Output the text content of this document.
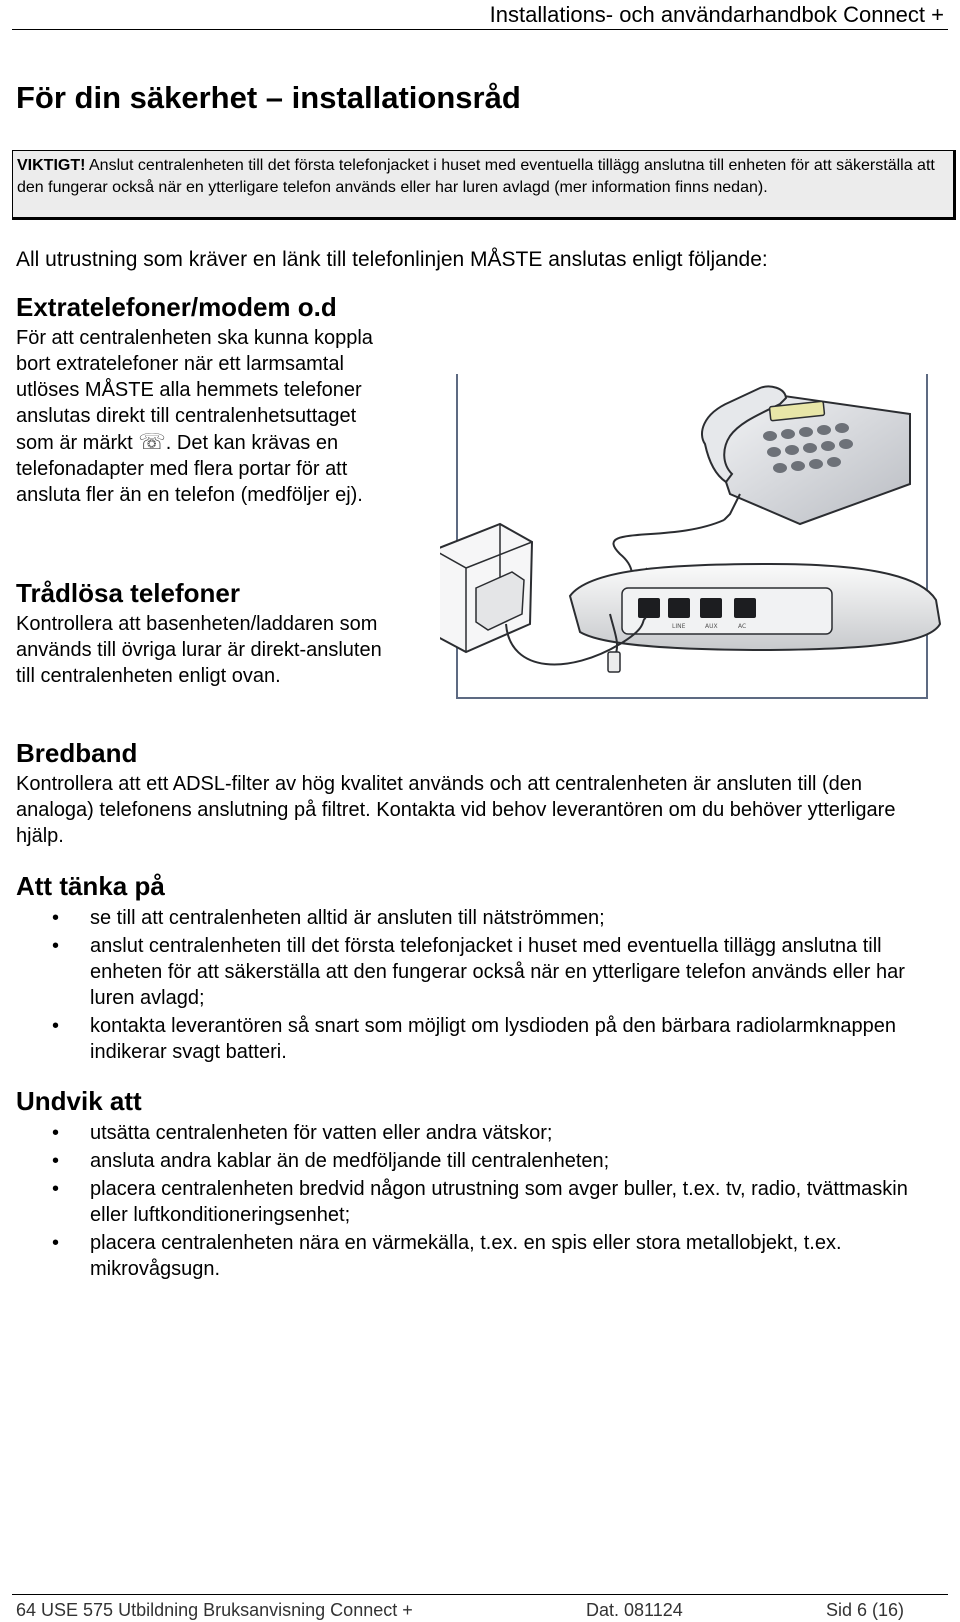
Installations- och användarhandbok Connect +
För din säkerhet – installationsråd
VIKTIGT! Anslut centralenheten till det första telefonjacket i huset med eventuella tillägg anslutna till enheten för att säkerställa att den fungerar också när en ytterligare telefon används eller har luren avlagd (mer information finns nedan).
All utrustning som kräver en länk till telefonlinjen MÅSTE anslutas enligt följande:
Extratelefoner/modem o.d

För att centralenheten ska kunna koppla bort extratelefoner när ett larmsamtal utlöses MÅSTE alla hemmets telefoner anslutas direkt till centralenhetsuttaget som är märkt ☏. Det kan krävas en telefonadapter med flera portar för att ansluta fler än en telefon (medföljer ej).

LINE	AUX	AC
Trådlösa telefoner

Kontrollera att basenheten/laddaren som används till övriga lurar är direkt-ansluten till centralenheten enligt ovan.

Bredband

Kontrollera att ett ADSL-filter av hög kvalitet används och att centralenheten är ansluten till (den analoga) telefonens anslutning på filtret. Kontakta vid behov leverantören om du behöver ytterligare hjälp.

Att tänka på
• se till att centralenheten alltid är ansluten till nätströmmen;
• anslut centralenheten till det första telefonjacket i huset med eventuella tillägg anslutna till enheten för att säkerställa att den fungerar också när en ytterligare telefon används eller har luren avlagd;
• kontakta leverantören så snart som möjligt om lysdioden på den bärbara radiolarmknappen indikerar svagt batteri.
Undvik att
• utsätta centralenheten för vatten eller andra vätskor;
• ansluta andra kablar än de medföljande till centralenheten;
• placera centralenheten bredvid någon utrustning som avger buller, t.ex. tv, radio, tvättmaskin eller luftkonditioneringsenhet;
• placera centralenheten nära en värmekälla, t.ex. en spis eller stora metallobjekt, t.ex. mikrovågsugn.
64 USE 575 Utbildning Bruksanvisning Connect +	Dat. 081124	Sid 6 (16)
